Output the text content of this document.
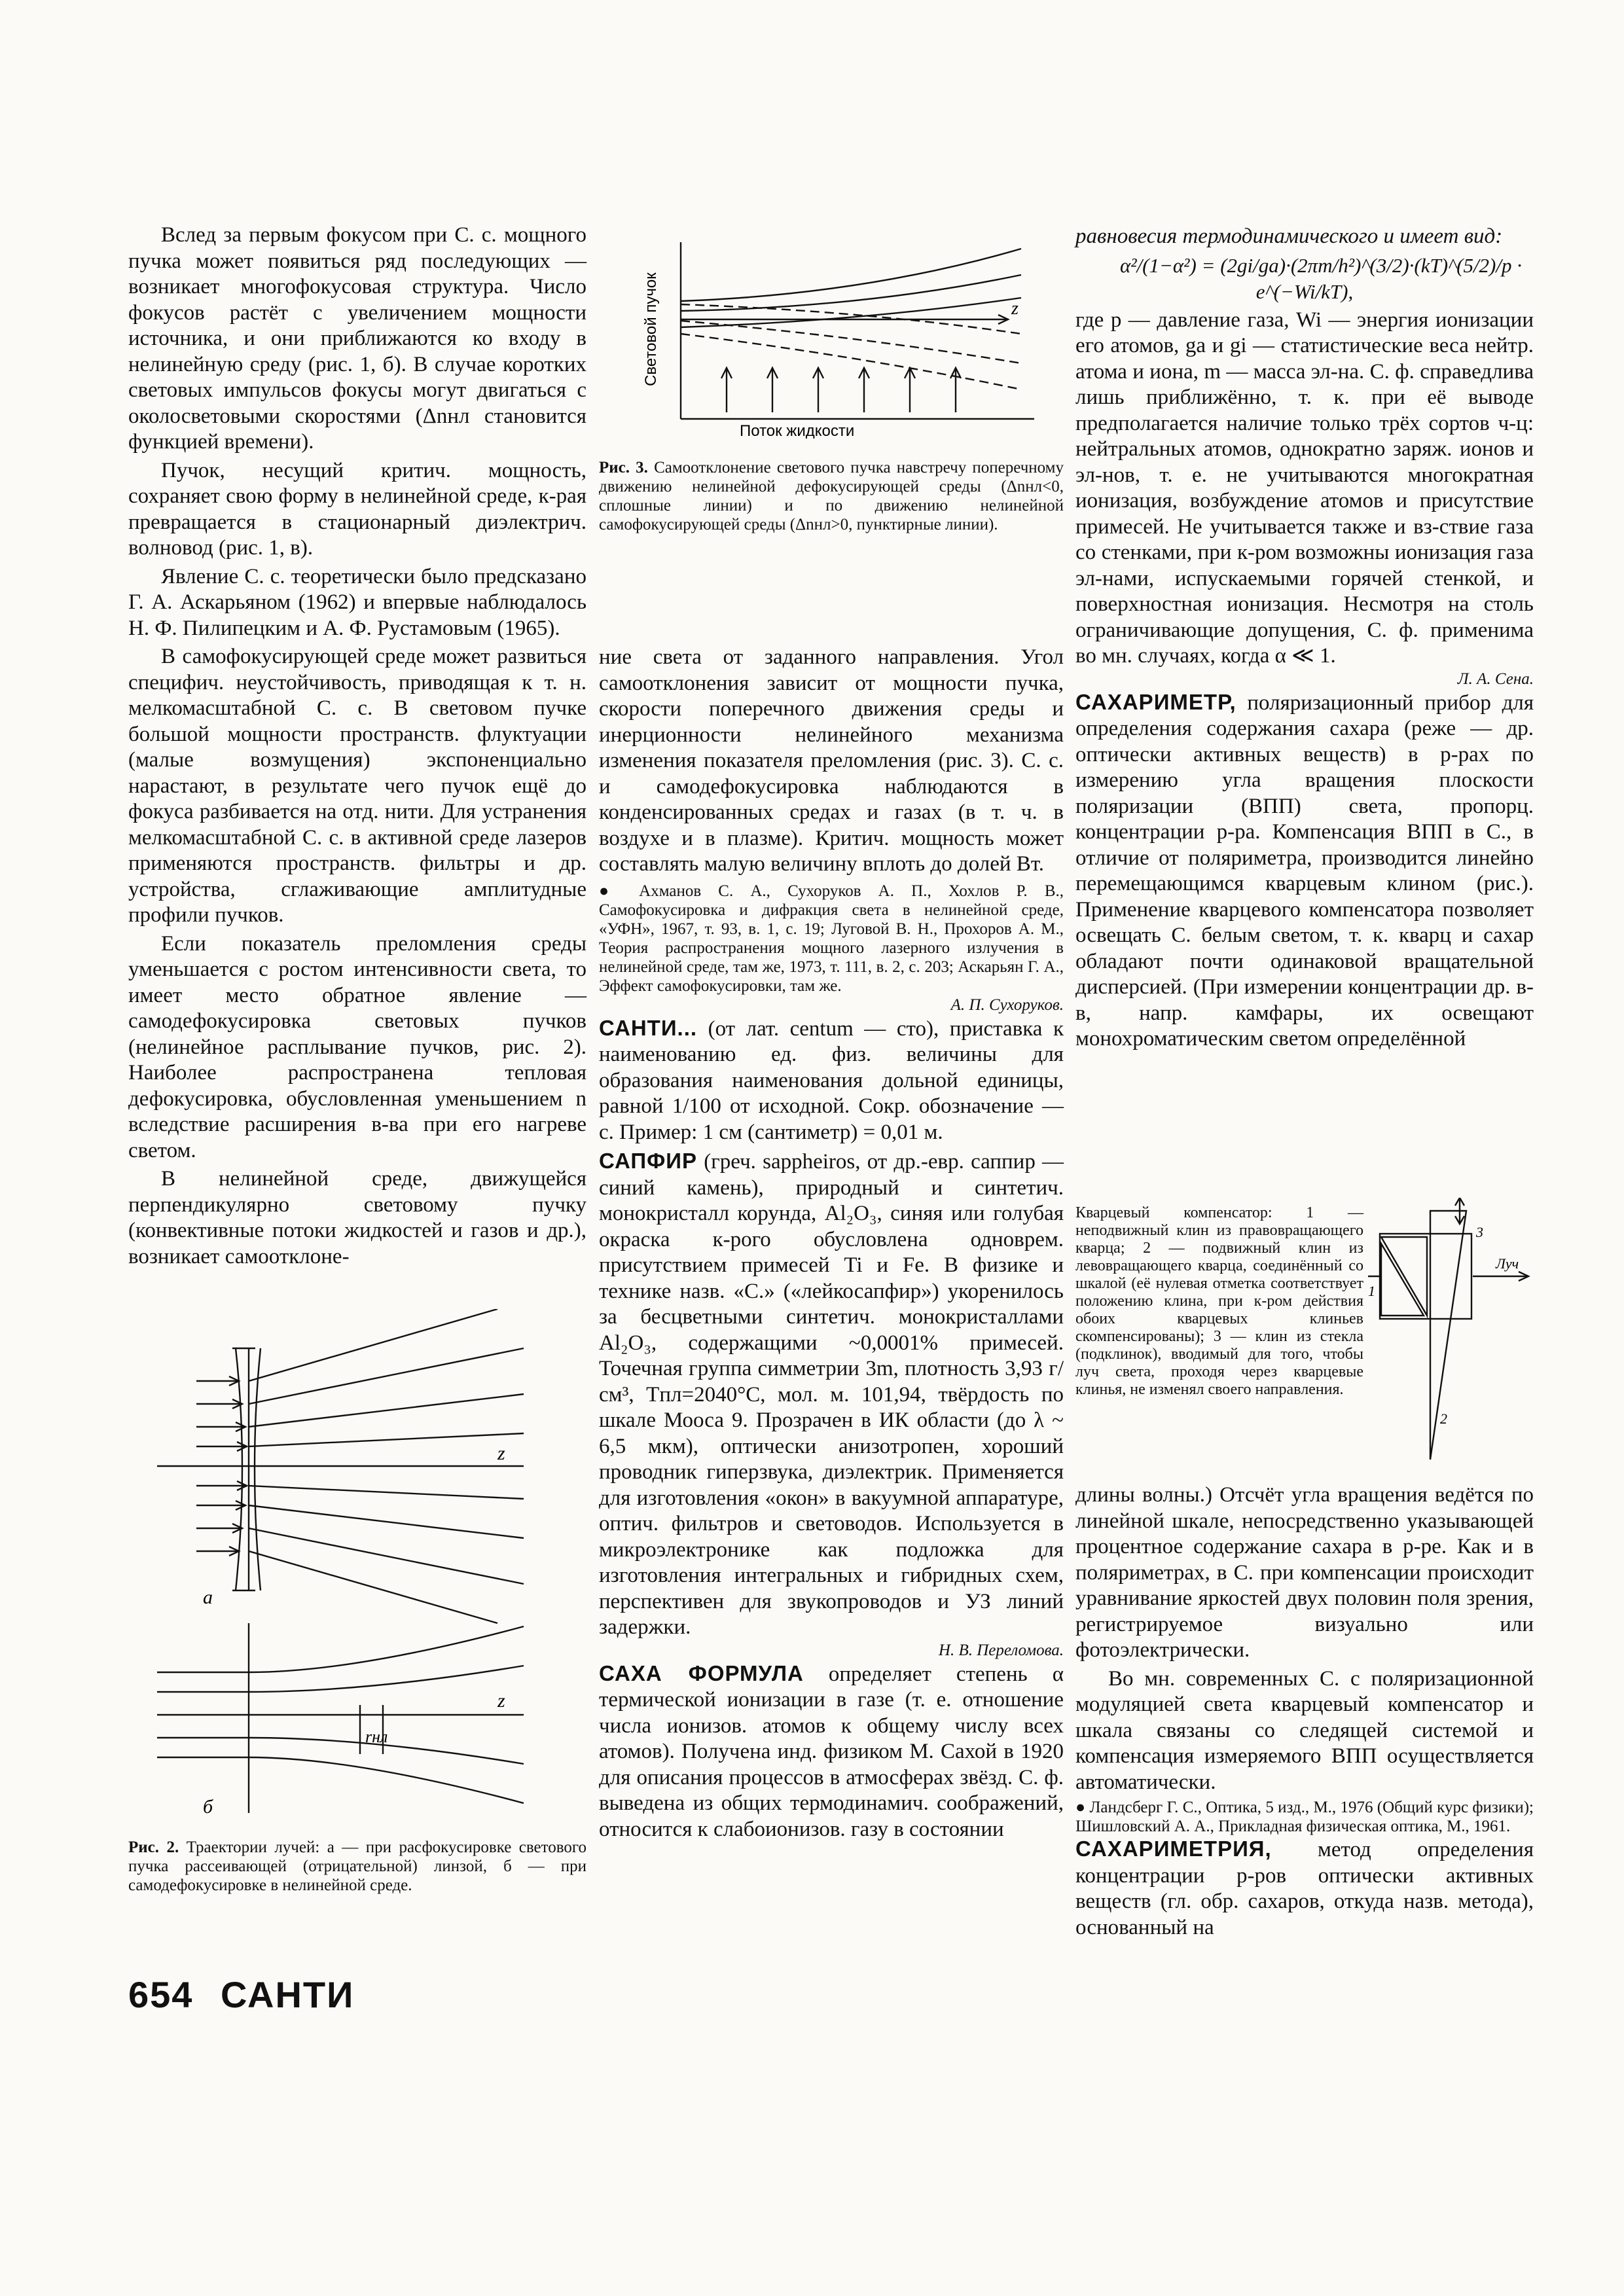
Вслед за первым фокусом при С. с. мощного пучка может появиться ряд последующих — возникает многофокусовая структура. Число фокусов растёт с увеличением мощности источника, и они приближаются ко входу в нелинейную среду (рис. 1, б). В случае коротких световых импульсов фокусы могут двигаться с околосветовыми скоростями (Δnнл становится функцией времени).

Пучок, несущий критич. мощность, сохраняет свою форму в нелинейной среде, к-рая превращается в стационарный диэлектрич. волновод (рис. 1, в).

Явление С. с. теоретически было предсказано Г. А. Аскарьяном (1962) и впервые наблюдалось Н. Ф. Пилипецким и А. Ф. Рустамовым (1965).

В самофокусирующей среде может развиться специфич. неустойчивость, приводящая к т. н. мелкомасштабной С. с. В световом пучке большой мощности пространств. флуктуации (малые возмущения) экспоненциально нарастают, в результате чего пучок ещё до фокуса разбивается на отд. нити. Для устранения мелкомасштабной С. с. в активной среде лазеров применяются пространств. фильтры и др. устройства, сглаживающие амплитудные профили пучков.

Если показатель преломления среды уменьшается с ростом интенсивности света, то имеет место обратное явление — самодефокусировка световых пучков (нелинейное расплывание пучков, рис. 2). Наиболее распространена тепловая дефокусировка, обусловленная уменьшением n вследствие расширения в-ва при его нагреве светом.

В нелинейной среде, движущейся перпендикулярно световому пучку (конвективные потоки жидкостей и газов и др.), возникает самоотклоне-

z
а
z
rнл
б
Рис. 2. Траектории лучей: а — при расфокусировке светового пучка рассеивающей (отрицательной) линзой, б — при самодефокусировке в нелинейной среде.
654 САНТИ
Световой пучок
Поток жидкости
z
Рис. 3. Самоотклонение светового пучка навстречу поперечному движению нелинейной дефокусирующей среды (Δnнл<0, сплошные линии) и по движению нелинейной самофокусирующей среды (Δnнл>0, пунктирные линии).

ние света от заданного направления. Угол самоотклонения зависит от мощности пучка, скорости поперечного движения среды и инерционности нелинейного механизма изменения показателя преломления (рис. 3). С. с. и самодефокусировка наблюдаются в конденсированных средах и газах (в т. ч. в воздухе и в плазме). Критич. мощность может составлять малую величину вплоть до долей Вт.

● Ахманов С. А., Сухоруков А. П., Хохлов Р. В., Самофокусировка и дифракция света в нелинейной среде, «УФН», 1967, т. 93, в. 1, с. 19; Луговой В. Н., Прохоров А. М., Теория распространения мощного лазерного излучения в нелинейной среде, там же, 1973, т. 111, в. 2, с. 203; Аскарьян Г. А., Эффект самофокусировки, там же.
А. П. Сухоруков.

САНТИ... (от лат. centum — сто), приставка к наименованию ед. физ. величины для образования наименования дольной единицы, равной 1/100 от исходной. Сокр. обозначение — с. Пример: 1 см (сантиметр) = 0,01 м.

САПФИР (греч. sappheiros, от др.-евр. саппир — синий камень), природный и синтетич. монокристалл корунда, Al₂O₃, синяя или голубая окраска к-рого обусловлена одноврем. присутствием примесей Ti и Fe. В физике и технике назв. «С.» («лейкосапфир») укоренилось за бесцветными синтетич. монокристаллами Al₂O₃, содержащими ~0,0001% примесей. Точечная группа симметрии 3m, плотность 3,93 г/см³, Tпл=2040°C, мол. м. 101,94, твёрдость по шкале Мооса 9. Прозрачен в ИК области (до λ ~ 6,5 мкм), оптически анизотропен, хороший проводник гиперзвука, диэлектрик. Применяется для изготовления «окон» в вакуумной аппаратуре, оптич. фильтров и световодов. Используется в микроэлектронике как подложка для изготовления интегральных и гибридных схем, перспективен для звукопроводов и УЗ линий задержки.

Н. В. Переломова.

САХА ФОРМУЛА определяет степень α термической ионизации в газе (т. е. отношение числа ионизов. атомов к общему числу всех атомов). Получена инд. физиком М. Сахой в 1920 для описания процессов в атмосферах звёзд. С. ф. выведена из общих термодинамич. соображений, относится к слабоионизов. газу в состоянии

равновесия термодинамического и имеет вид:

α²/(1−α²) = (2gi/ga)·(2πm/h²)^(3/2)·(kT)^(5/2)/p · e^(−Wi/kT),

где p — давление газа, Wi — энергия ионизации его атомов, ga и gi — статистические веса нейтр. атома и иона, m — масса эл-на. С. ф. справедлива лишь приближённо, т. к. при её выводе предполагается наличие только трёх сортов ч-ц: нейтральных атомов, однократно заряж. ионов и эл-нов, т. е. не учитываются многократная ионизация, возбуждение атомов и присутствие примесей. Не учитывается также и вз-ствие газа со стенками, при к-ром возможны ионизация газа эл-нами, испускаемыми горячей стенкой, и поверхностная ионизация. Несмотря на столь ограничивающие допущения, С. ф. применима во мн. случаях, когда α ≪ 1.

Л. А. Сена.

САХАРИМЕТР, поляризационный прибор для определения содержания сахара (реже — др. оптически активных веществ) в р-рах по измерению угла вращения плоскости поляризации (ВПП) света, пропорц. концентрации р-ра. Компенсация ВПП в С., в отличие от поляриметра, производится линейно перемещающимся кварцевым клином (рис.). Применение кварцевого компенсатора позволяет освещать С. белым светом, т. к. кварц и сахар обладают почти одинаковой вращательной дисперсией. (При измерении концентрации др. в-в, напр. камфары, их освещают монохроматическим светом определённой

Кварцевый компенсатор: 1 — неподвижный клин из правовращающего кварца; 2 — подвижный клин из левовращающего кварца, соединённый со шкалой (её нулевая отметка соответствует положению клина, при к-ром действия обоих кварцевых клиньев скомпенсированы); 3 — клин из стекла (подклинок), вводимый для того, чтобы луч света, проходя через кварцевые клинья, не изменял своего направления.
Луч
1
2
3

длины волны.) Отсчёт угла вращения ведётся по линейной шкале, непосредственно указывающей процентное содержание сахара в р-ре. Как и в поляриметрах, в С. при компенсации происходит уравнивание яркостей двух половин поля зрения, регистрируемое визуально или фотоэлектрически.

Во мн. современных С. с поляризационной модуляцией света кварцевый компенсатор и шкала связаны со следящей системой и компенсация измеряемого ВПП осуществляется автоматически.

● Ландсберг Г. С., Оптика, 5 изд., М., 1976 (Общий курс физики); Шишловский А. А., Прикладная физическая оптика, М., 1961.

САХАРИМЕТРИЯ, метод определения концентрации р-ров оптически активных веществ (гл. обр. сахаров, откуда назв. метода), основанный на
